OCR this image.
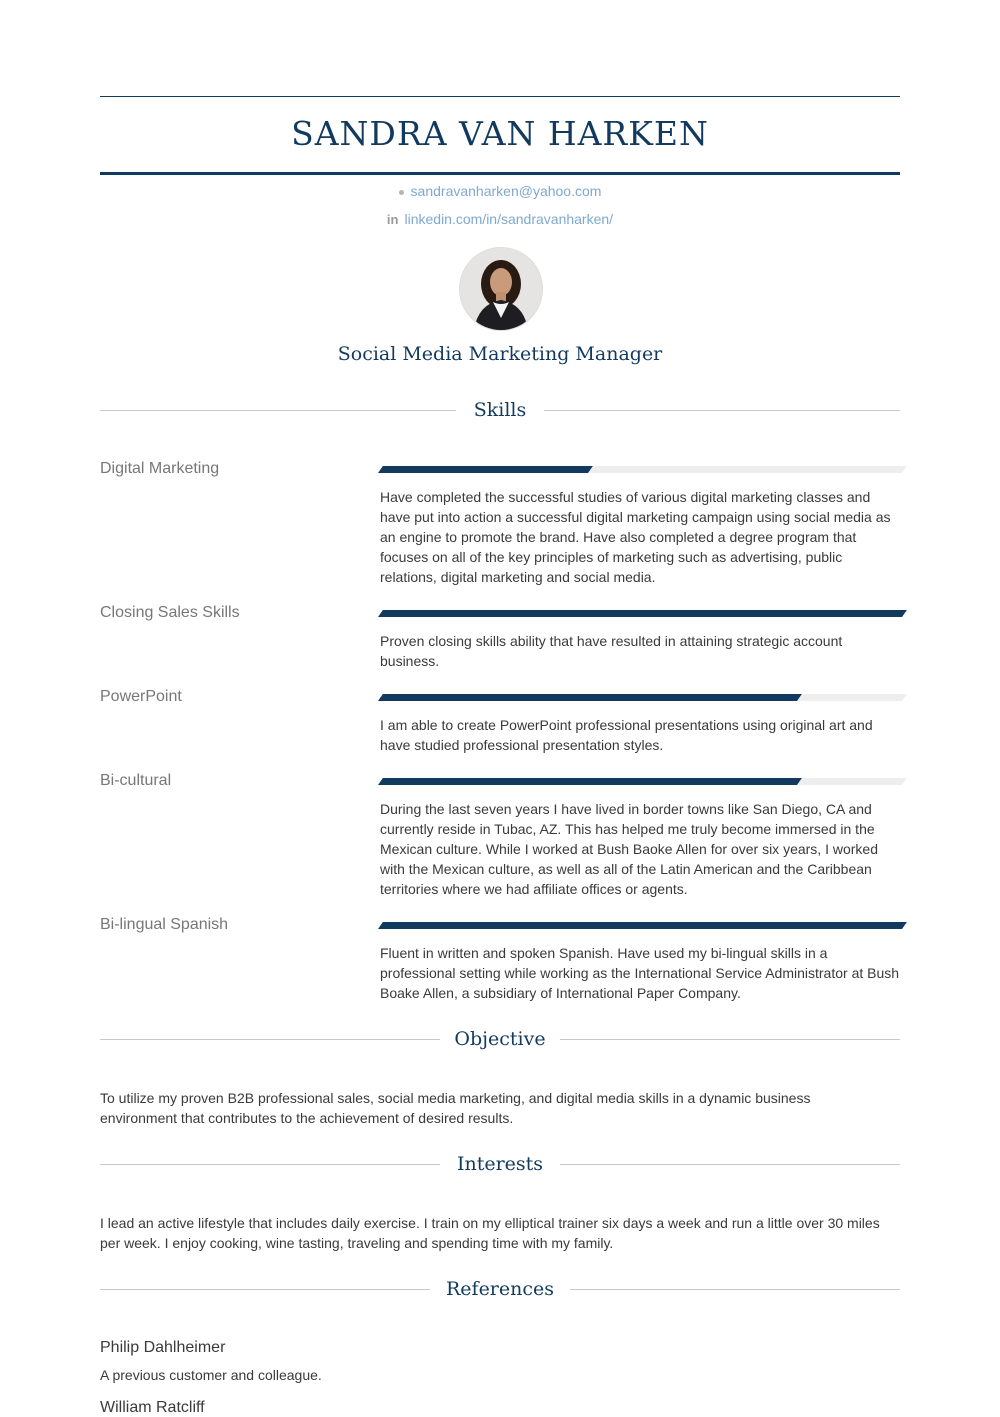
SANDRA VAN HARKEN
sandravanharken@yahoo.com
in linkedin.com/in/sandravanharken/
Social Media Marketing Manager
Skills
Digital Marketing
Have completed the successful studies of various digital marketing classes and have put into action a successful digital marketing campaign using social media as an engine to promote the brand. Have also completed a degree program that focuses on all of the key principles of marketing such as advertising, public relations, digital marketing and social media.
Closing Sales Skills
Proven closing skills ability that have resulted in attaining strategic account business.
PowerPoint
I am able to create PowerPoint professional presentations using original art and have studied professional presentation styles.
Bi-cultural
During the last seven years I have lived in border towns like San Diego, CA and currently reside in Tubac, AZ. This has helped me truly become immersed in the Mexican culture. While I worked at Bush Baoke Allen for over six years, I worked with the Mexican culture, as well as all of the Latin American and the Caribbean territories where we had affiliate offices or agents.
Bi-lingual Spanish
Fluent in written and spoken Spanish. Have used my bi-lingual skills in a professional setting while working as the International Service Administrator at Bush Boake Allen, a subsidiary of International Paper Company.
Objective
To utilize my proven B2B professional sales, social media marketing, and digital media skills in a dynamic business environment that contributes to the achievement of desired results.
Interests
I lead an active lifestyle that includes daily exercise. I train on my elliptical trainer six days a week and run a little over 30 miles per week. I enjoy cooking, wine tasting, traveling and spending time with my family.
References
Philip Dahlheimer
A previous customer and colleague.
William Ratcliff
